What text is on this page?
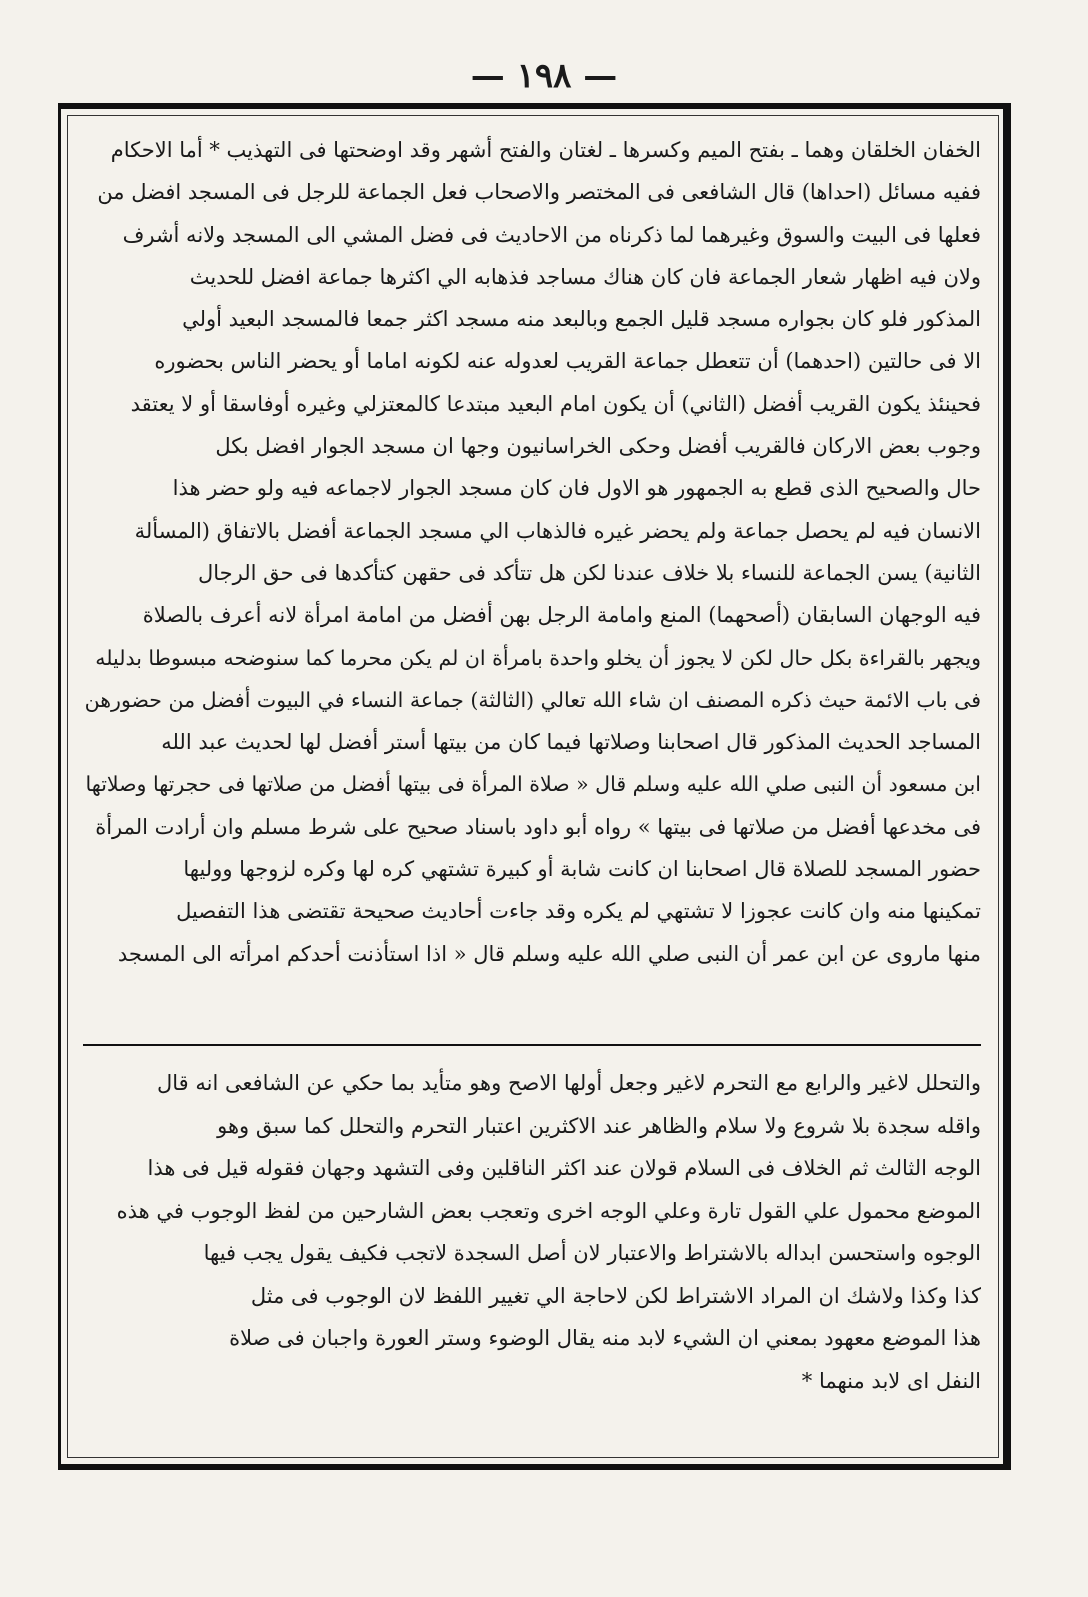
— ١٩٨ —
الخفان الخلقان وهما ـ بفتح الميم وكسرها ـ لغتان والفتح أشهر وقد اوضحتها فى التهذيب * أما الاحكام
ففيه مسائل (احداها) قال الشافعى فى المختصر والاصحاب فعل الجماعة للرجل فى المسجد افضل من
فعلها فى البيت والسوق وغيرهما لما ذكرناه من الاحاديث فى فضل المشي الى المسجد ولانه أشرف
ولان فيه اظهار شعار الجماعة فان كان هناك مساجد فذهابه الي اكثرها جماعة افضل للحديث
المذكور فلو كان بجواره مسجد قليل الجمع وبالبعد منه مسجد اكثر جمعا فالمسجد البعيد أولي
الا فى حالتين (احدهما) أن تتعطل جماعة القريب لعدوله عنه لكونه اماما أو يحضر الناس بحضوره
فحينئذ يكون القريب أفضل (الثاني) أن يكون امام البعيد مبتدعا كالمعتزلي وغيره أوفاسقا أو لا يعتقد
وجوب بعض الاركان فالقريب أفضل وحكى الخراسانيون وجها ان مسجد الجوار افضل بكل
حال والصحيح الذى قطع به الجمهور هو الاول فان كان مسجد الجوار لاجماعه فيه ولو حضر هذا
الانسان فيه لم يحصل جماعة ولم يحضر غيره فالذهاب الي مسجد الجماعة أفضل بالاتفاق (المسألة
الثانية) يسن الجماعة للنساء بلا خلاف عندنا لكن هل تتأكد فى حقهن كتأكدها فى حق الرجال
فيه الوجهان السابقان (أصحهما) المنع وامامة الرجل بهن أفضل من امامة امرأة لانه أعرف بالصلاة
ويجهر بالقراءة بكل حال لكن لا يجوز أن يخلو واحدة بامرأة ان لم يكن محرما كما سنوضحه مبسوطا بدليله
فى باب الائمة حيث ذكره المصنف ان شاء الله تعالي (الثالثة) جماعة النساء في البيوت أفضل من حضورهن
المساجد الحديث المذكور قال اصحابنا وصلاتها فيما كان من بيتها أستر أفضل لها لحديث عبد الله
ابن مسعود أن النبى صلي الله عليه وسلم قال « صلاة المرأة فى بيتها أفضل من صلاتها فى حجرتها وصلاتها
فى مخدعها أفضل من صلاتها فى بيتها » رواه أبو داود باسناد صحيح على شرط مسلم وان أرادت المرأة
حضور المسجد للصلاة قال اصحابنا ان كانت شابة أو كبيرة تشتهي كره لها وكره لزوجها ووليها
تمكينها منه وان كانت عجوزا لا تشتهي لم يكره وقد جاءت أحاديث صحيحة تقتضى هذا التفصيل
منها ماروى عن ابن عمر أن النبى صلي الله عليه وسلم قال « اذا استأذنت أحدكم امرأته الى المسجد
والتحلل لاغير والرابع مع التحرم لاغير وجعل أولها الاصح وهو متأيد بما حكي عن الشافعى انه قال
واقله سجدة بلا شروع ولا سلام والظاهر عند الاكثرين اعتبار التحرم والتحلل كما سبق وهو
الوجه الثالث ثم الخلاف فى السلام قولان عند اكثر الناقلين وفى التشهد وجهان فقوله قيل فى هذا
الموضع محمول علي القول تارة وعلي الوجه اخرى وتعجب بعض الشارحين من لفظ الوجوب في هذه
الوجوه واستحسن ابداله بالاشتراط والاعتبار لان أصل السجدة لاتجب فكيف يقول يجب فيها
كذا وكذا ولاشك ان المراد الاشتراط لكن لاحاجة الي تغيير اللفظ لان الوجوب فى مثل
هذا الموضع معهود بمعني ان الشيء لابد منه يقال الوضوء وستر العورة واجبان فى صلاة
النفل اى لابد منهما *
